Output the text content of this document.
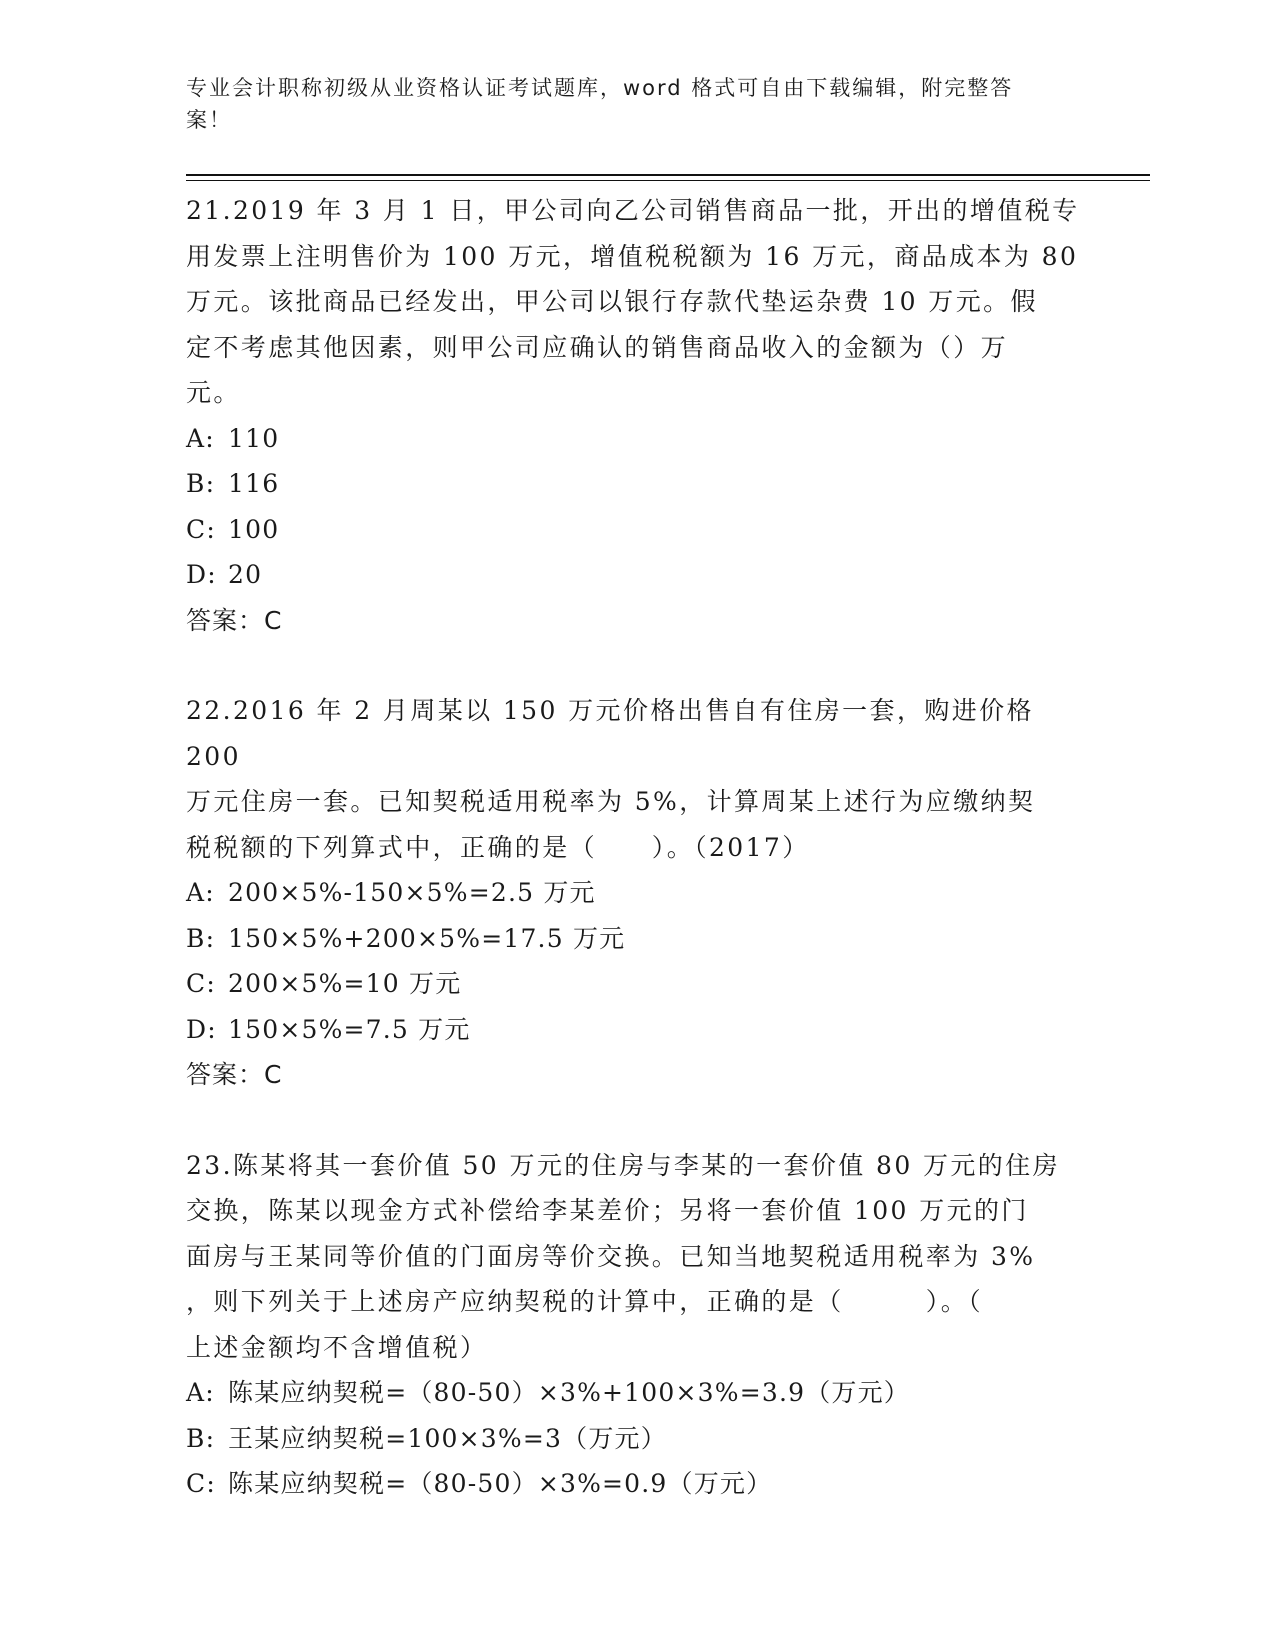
专业会计职称初级从业资格认证考试题库，word 格式可自由下载编辑，附完整答
案！

21.2019 年 3 月 1 日，甲公司向乙公司销售商品一批，开出的增值税专
用发票上注明售价为 100 万元，增值税税额为 16 万元，商品成本为 80
万元。该批商品已经发出，甲公司以银行存款代垫运杂费 10 万元。假
定不考虑其他因素，则甲公司应确认的销售商品收入的金额为（）万
元。

A: 110

B: 116

C: 100

D: 20

答案：C

22.2016 年 2 月周某以 150 万元价格出售自有住房一套，购进价格 200
万元住房一套。已知契税适用税率为 5%，计算周某上述行为应缴纳契
税税额的下列算式中，正确的是（　　）。（2017）

A: 200×5%-150×5%=2.5 万元

B: 150×5%+200×5%=17.5 万元

C: 200×5%=10 万元

D: 150×5%=7.5 万元

答案：C

23.陈某将其一套价值 50 万元的住房与李某的一套价值 80 万元的住房
交换，陈某以现金方式补偿给李某差价；另将一套价值 100 万元的门
面房与王某同等价值的门面房等价交换。已知当地契税适用税率为 3%
，则下列关于上述房产应纳契税的计算中，正确的是（　　　）。（
上述金额均不含增值税）

A: 陈某应纳契税=（80-50）×3%+100×3%=3.9（万元）

B: 王某应纳契税=100×3%=3（万元）

C: 陈某应纳契税=（80-50）×3%=0.9（万元）
